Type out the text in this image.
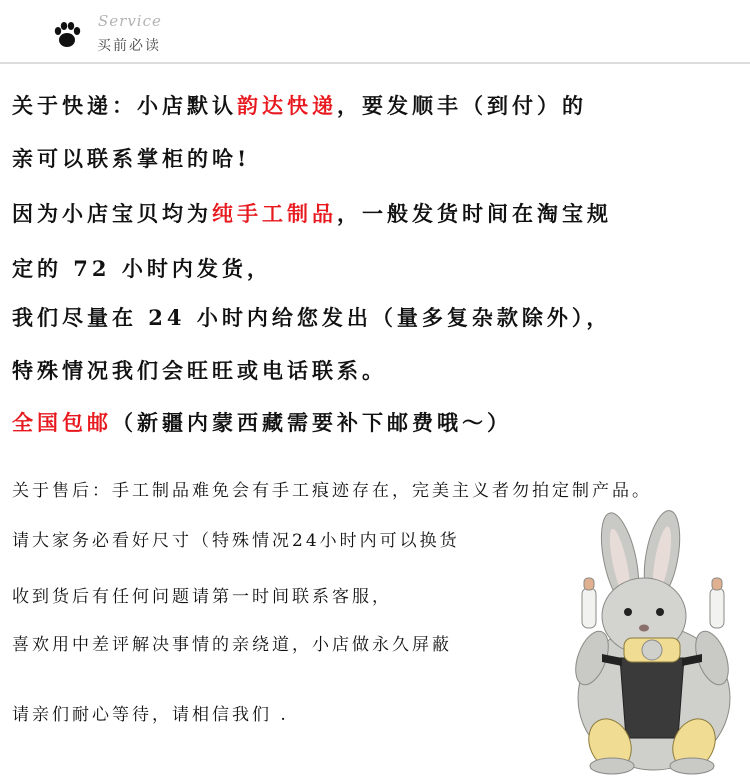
Service
买前必读
关于快递：小店默认韵达快递，要发顺丰（到付）的
亲可以联系掌柜的哈!
因为小店宝贝均为纯手工制品，一般发货时间在淘宝规
定的 72 小时内发货，
我们尽量在 24 小时内给您发出（量多复杂款除外），
特殊情况我们会旺旺或电话联系。
全国包邮（新疆内蒙西藏需要补下邮费哦～）
关于售后：手工制品难免会有手工痕迹存在，完美主义者勿拍定制产品。
请大家务必看好尺寸（特殊情况24小时内可以换货
收到货后有任何问题请第一时间联系客服，
喜欢用中差评解决事情的亲绕道，小店做永久屏蔽
请亲们耐心等待，请相信我们 .
